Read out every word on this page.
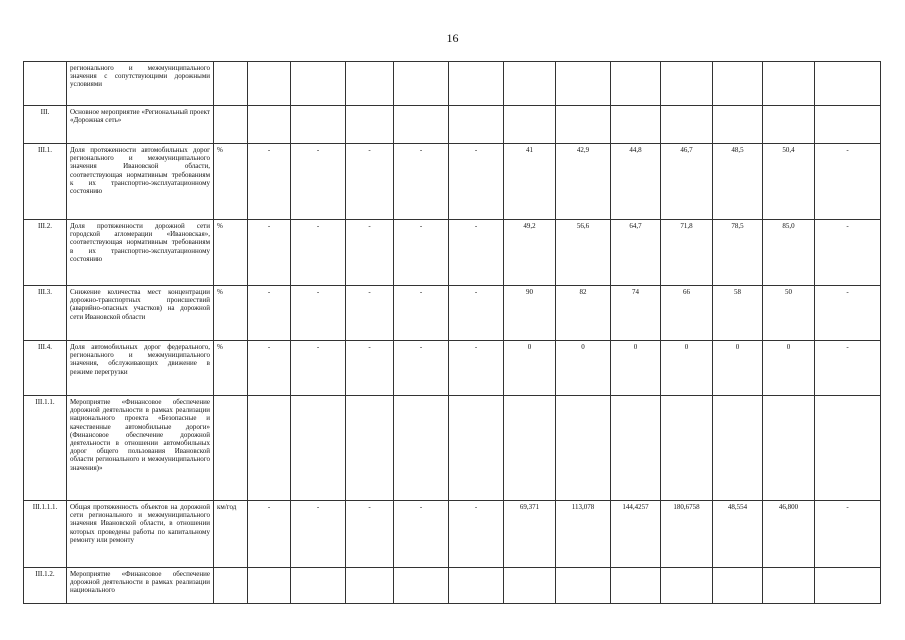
16
	регионального и межмуниципального значения с сопутствующими дорожными условиями													
III.	Основное мероприятие «Региональный проект «Дорожная сеть»													
III.1.	Доля протяженности автомобильных дорог регионального и межмуниципального значения Ивановской области, соответствующая нормативным требованиям к их транспортно-эксплуатационному состоянию	%	-	-	-	-	-	41	42,9	44,8	46,7	48,5	50,4	-
III.2.	Доля протяженности дорожной сети городской агломерации «Ивановская», соответствующая нормативным требованиям в их транспортно-эксплуатационному состоянию	%	-	-	-	-	-	49,2	56,6	64,7	71,8	78,5	85,0	-
III.3.	Снижение количества мест концентрации дорожно-транспортных происшествий (аварийно-опасных участков) на дорожной сети Ивановской области	%	-	-	-	-	-	90	82	74	66	58	50	-
III.4.	Доля автомобильных дорог федерального, регионального и межмуниципального значения, обслуживающих движение в режиме перегрузки	%	-	-	-	-	-	0	0	0	0	0	0	-
III.1.1.	Мероприятие «Финансовое обеспечение дорожной деятельности в рамках реализации национального проекта «Безопасные и качественные автомобильные дороги» (Финансовое обеспечение дорожной деятельности в отношении автомобильных дорог общего пользования Ивановской области регионального и межмуниципального значения)»													
III.1.1.1.	Общая протяженность объектов на дорожной сети регионального и межмуниципального значения Ивановской области, в отношении которых проведены работы по капитальному ремонту или ремонту	км/год	-	-	-	-	-	69,371	113,078	144,4257	180,6758	48,554	46,800	-
III.1.2.	Мероприятие «Финансовое обеспечение дорожной деятельности в рамках реализации национального													
